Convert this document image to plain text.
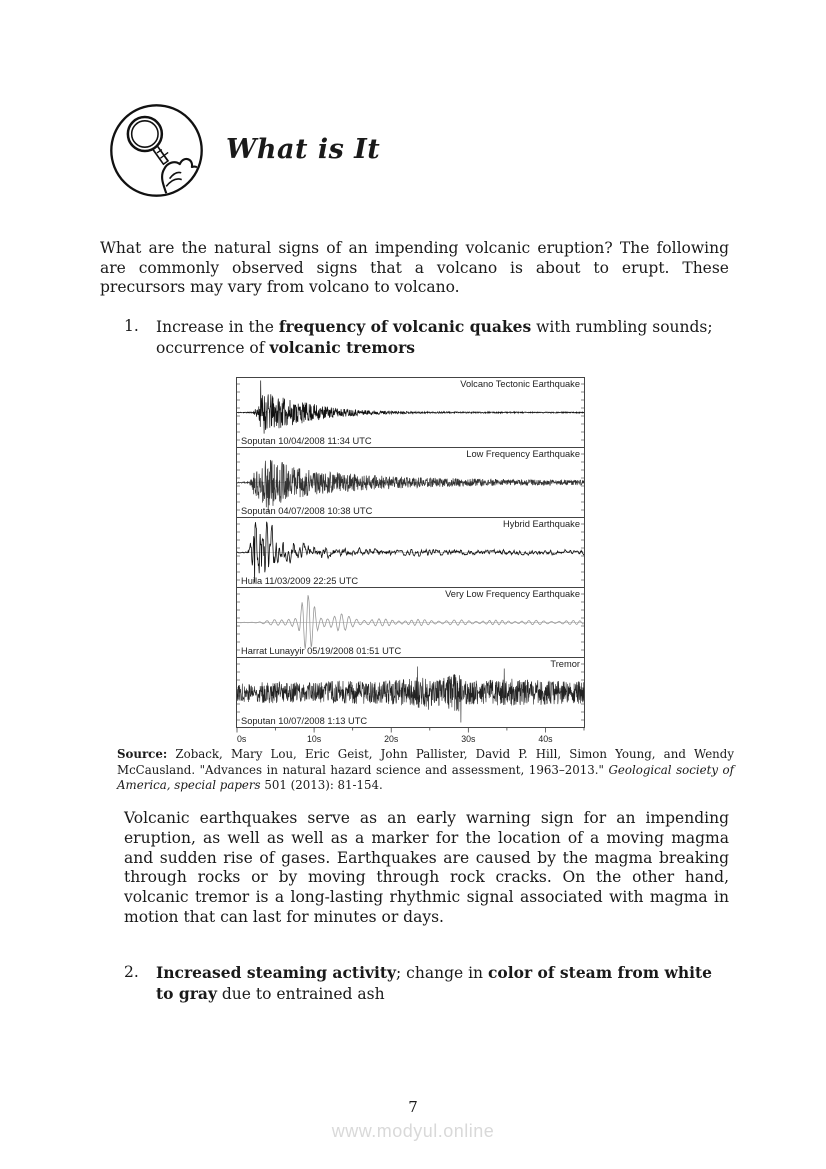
What is It

What are the natural signs of an impending volcanic eruption? The following are commonly observed signs that a volcano is about to erupt. These precursors may vary from volcano to volcano.

1.	Increase in the frequency of volcanic quakes with rumbling sounds; occurrence of volcanic tremors

Volcano Tectonic Earthquake
Soputan 10/04/2008 11:34 UTC
Low Frequency Earthquake
Soputan 04/07/2008 10:38 UTC
Hybrid Earthquake
Huila 11/03/2009 22:25 UTC
Very Low Frequency Earthquake
Harrat Lunayyir 05/19/2008 01:51 UTC
Tremor
Soputan 10/07/2008 1:13 UTC
0s	10s	20s	30s	40s

Source: Zoback, Mary Lou, Eric Geist, John Pallister, David P. Hill, Simon Young, and Wendy McCausland. "Advances in natural hazard science and assessment, 1963–2013." Geological society of America, special papers 501 (2013): 81-154.

Volcanic earthquakes serve as an early warning sign for an impending eruption, as well as well as a marker for the location of a moving magma and sudden rise of gases. Earthquakes are caused by the magma breaking through rocks or by moving through rock cracks. On the other hand, volcanic tremor is a long-lasting rhythmic signal associated with magma in motion that can last for minutes or days.

2.	Increased steaming activity; change in color of steam from white to gray due to entrained ash

7
www.modyul.online
